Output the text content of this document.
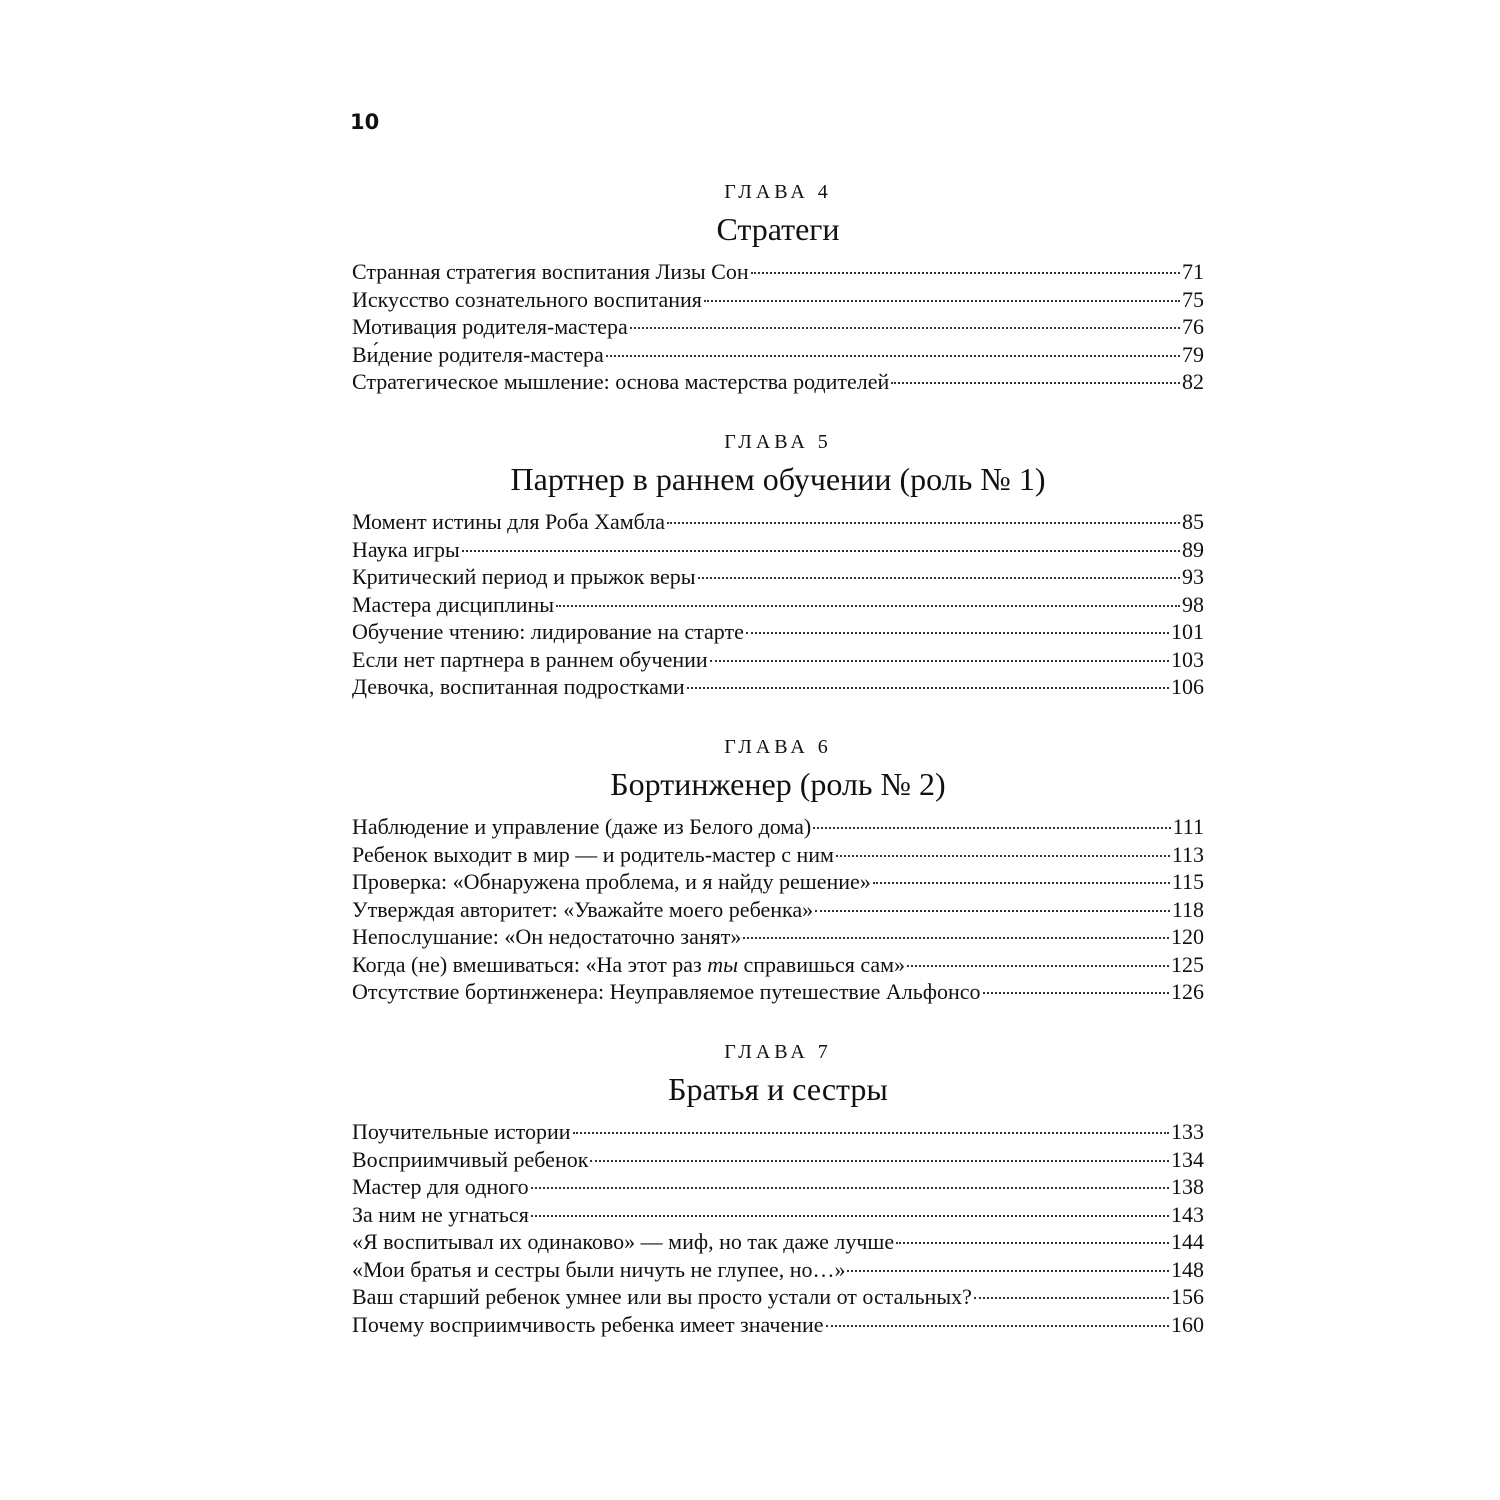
10
ГЛАВА 4
Стратеги
Странная стратегия воспитания Лизы Сон	71
Искусство сознательного воспитания	75
Мотивация родителя-мастера	76
Ви́дение родителя-мастера	79
Стратегическое мышление: основа мастерства родителей	82
ГЛАВА 5
Партнер в раннем обучении (роль № 1)
Момент истины для Роба Хамбла	85
Наука игры	89
Критический период и прыжок веры	93
Мастера дисциплины	98
Обучение чтению: лидирование на старте	101
Если нет партнера в раннем обучении	103
Девочка, воспитанная подростками	106
ГЛАВА 6
Бортинженер (роль № 2)
Наблюдение и управление (даже из Белого дома)	111
Ребенок выходит в мир — и родитель-мастер с ним	113
Проверка: «Обнаружена проблема, и я найду решение»	115
Утверждая авторитет: «Уважайте моего ребенка»	118
Непослушание: «Он недостаточно занят»	120
Когда (не) вмешиваться: «На этот раз ты справишься сам»	125
Отсутствие бортинженера: Неуправляемое путешествие Альфонсо	126
ГЛАВА 7
Братья и сестры
Поучительные истории	133
Восприимчивый ребенок	134
Мастер для одного	138
За ним не угнаться	143
«Я воспитывал их одинаково» — миф, но так даже лучше	144
«Мои братья и сестры были ничуть не глупее, но…»	148
Ваш старший ребенок умнее или вы просто устали от остальных?	156
Почему восприимчивость ребенка имеет значение	160
